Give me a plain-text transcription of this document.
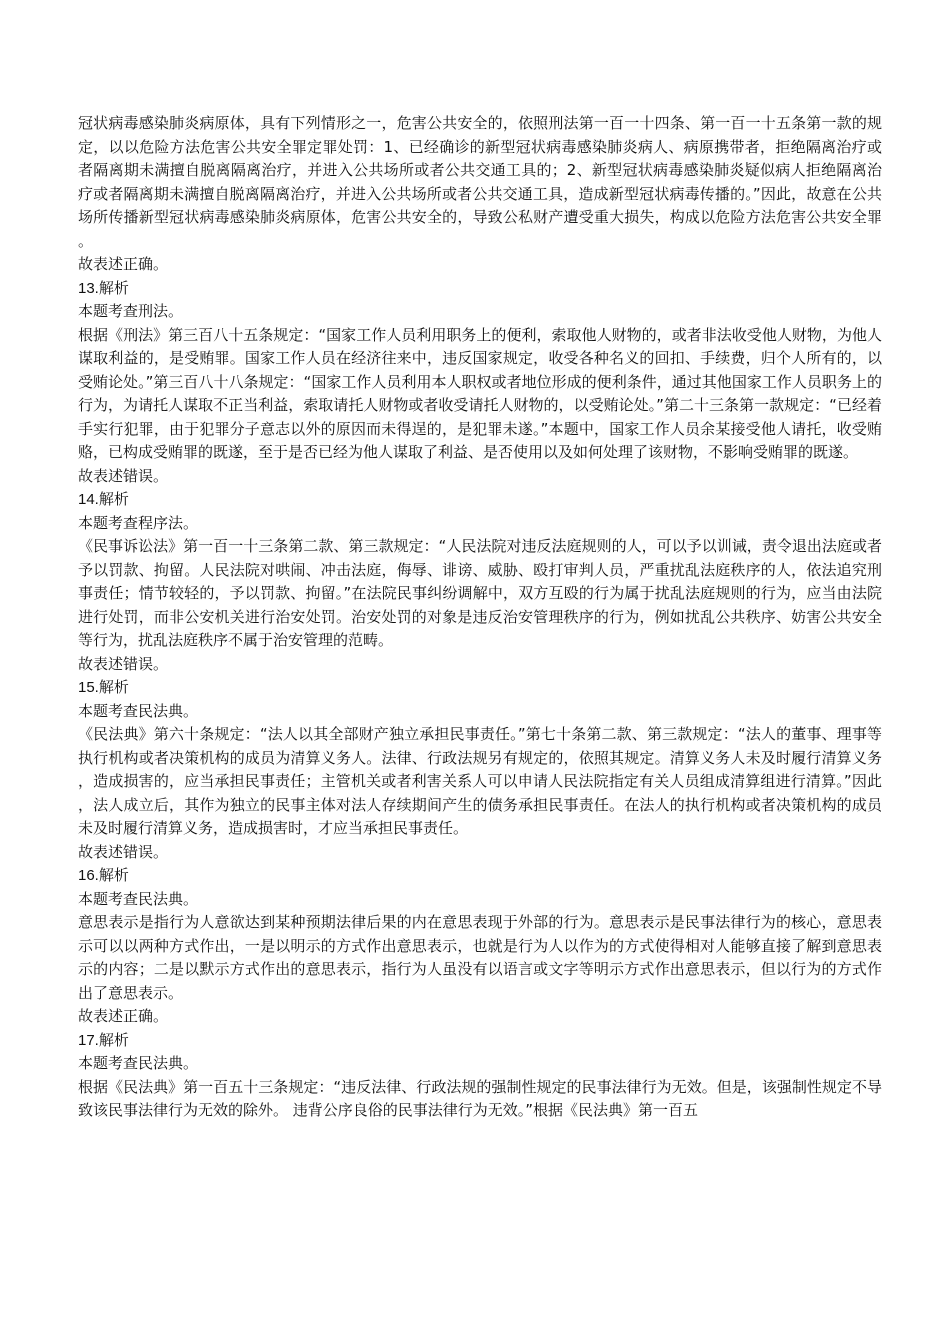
冠状病毒感染肺炎病原体，具有下列情形之一，危害公共安全的，依照刑法第一百一十四条、第一百一十五条第一款的规定，以以危险方法危害公共安全罪定罪处罚：1、已经确诊的新型冠状病毒感染肺炎病人、病原携带者，拒绝隔离治疗或者隔离期未满擅自脱离隔离治疗，并进入公共场所或者公共交通工具的；2、新型冠状病毒感染肺炎疑似病人拒绝隔离治疗或者隔离期未满擅自脱离隔离治疗，并进入公共场所或者公共交通工具，造成新型冠状病毒传播的。”因此，故意在公共场所传播新型冠状病毒感染肺炎病原体，危害公共安全的，导致公私财产遭受重大损失，构成以危险方法危害公共安全罪。

故表述正确。

13.解析

本题考查刑法。

根据《刑法》第三百八十五条规定：“国家工作人员利用职务上的便利，索取他人财物的，或者非法收受他人财物，为他人谋取利益的，是受贿罪。国家工作人员在经济往来中，违反国家规定，收受各种名义的回扣、手续费，归个人所有的，以受贿论处。”第三百八十八条规定：“国家工作人员利用本人职权或者地位形成的便利条件，通过其他国家工作人员职务上的行为，为请托人谋取不正当利益，索取请托人财物或者收受请托人财物的，以受贿论处。”第二十三条第一款规定：“已经着手实行犯罪，由于犯罪分子意志以外的原因而未得逞的，是犯罪未遂。”本题中，国家工作人员余某接受他人请托，收受贿赂，已构成受贿罪的既遂，至于是否已经为他人谋取了利益、是否使用以及如何处理了该财物，不影响受贿罪的既遂。

故表述错误。

14.解析

本题考查程序法。

《民事诉讼法》第一百一十三条第二款、第三款规定：“人民法院对违反法庭规则的人，可以予以训诫，责令退出法庭或者予以罚款、拘留。人民法院对哄闹、冲击法庭，侮辱、诽谤、威胁、殴打审判人员，严重扰乱法庭秩序的人，依法追究刑事责任；情节较轻的，予以罚款、拘留。”在法院民事纠纷调解中，双方互殴的行为属于扰乱法庭规则的行为，应当由法院进行处罚，而非公安机关进行治安处罚。治安处罚的对象是违反治安管理秩序的行为，例如扰乱公共秩序、妨害公共安全等行为，扰乱法庭秩序不属于治安管理的范畴。

故表述错误。

15.解析

本题考查民法典。

《民法典》第六十条规定：“法人以其全部财产独立承担民事责任。”第七十条第二款、第三款规定：“法人的董事、理事等执行机构或者决策机构的成员为清算义务人。法律、行政法规另有规定的，依照其规定。清算义务人未及时履行清算义务，造成损害的，应当承担民事责任；主管机关或者利害关系人可以申请人民法院指定有关人员组成清算组进行清算。”因此，法人成立后，其作为独立的民事主体对法人存续期间产生的债务承担民事责任。在法人的执行机构或者决策机构的成员未及时履行清算义务，造成损害时，才应当承担民事责任。

故表述错误。

16.解析

本题考查民法典。

意思表示是指行为人意欲达到某种预期法律后果的内在意思表现于外部的行为。意思表示是民事法律行为的核心，意思表示可以以两种方式作出，一是以明示的方式作出意思表示，也就是行为人以作为的方式使得相对人能够直接了解到意思表示的内容；二是以默示方式作出的意思表示，指行为人虽没有以语言或文字等明示方式作出意思表示，但以行为的方式作出了意思表示。

故表述正确。

17.解析

本题考查民法典。

根据《民法典》第一百五十三条规定：“违反法律、行政法规的强制性规定的民事法律行为无效。但是，该强制性规定不导致该民事法律行为无效的除外。 违背公序良俗的民事法律行为无效。”根据《民法典》第一百五
